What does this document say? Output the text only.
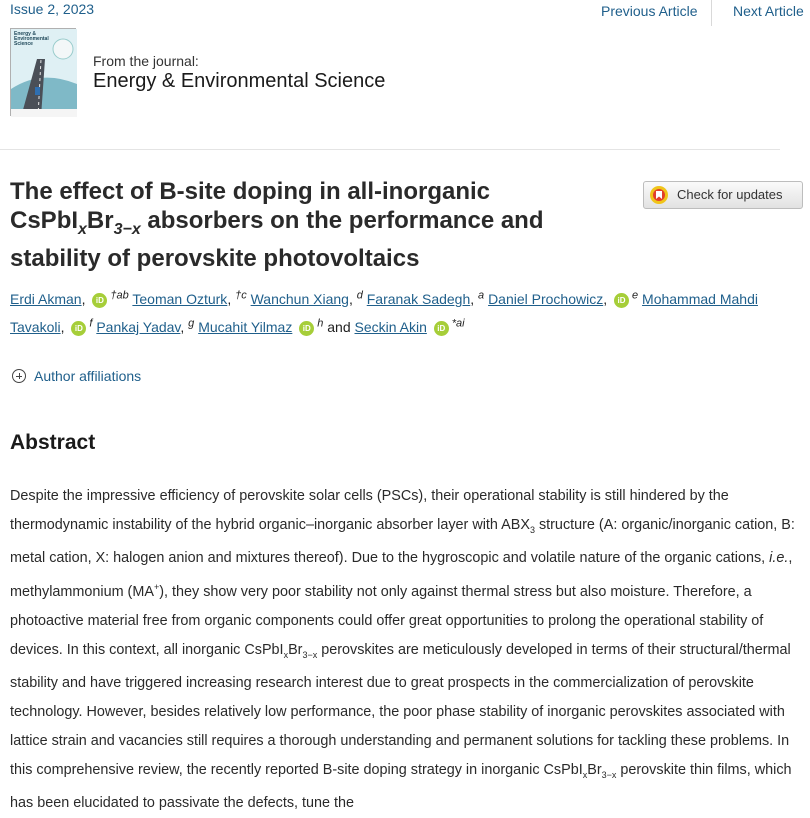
Issue 2, 2023	Previous Article	Next Article
Energy & Environmental Science
From the journal:
Energy & Environmental Science
The effect of B-site doping in all-inorganic $CsPbI_xBr_{3-x}$ absorbers on the performance and stability of perovskite photovoltaics
Check for updates
Erdi Akman, iD $^{\dagger ab}$ Teoman Ozturk, $^{\dagger c}$ Wanchun Xiang, $^d$ Faranak Sadegh, $^a$ Daniel Prochowicz, iD $^e$ Mohammad Mahdi Tavakoli, iD $^f$ Pankaj Yadav, $^g$ Mucahit Yilmaz iD $^h$ and Seckin Akin iD $^{*ai}$
Author affiliations
Abstract

Despite the impressive efficiency of perovskite solar cells (PSCs), their operational stability is still hindered by the thermodynamic instability of the hybrid organic–inorganic absorber layer with $ABX_3$ structure (A: organic/inorganic cation, B: metal cation, X: halogen anion and mixtures thereof). Due to the hygroscopic and volatile nature of the organic cations, i.e., methylammonium (MA+), they show very poor stability not only against thermal stress but also moisture. Therefore, a photoactive material free from organic components could offer great opportunities to prolong the operational stability of devices. In this context, all inorganic $CsPbI_xBr_{3-x}$ perovskites are meticulously developed in terms of their structural/thermal stability and have triggered increasing research interest due to great prospects in the commercialization of perovskite technology. However, besides relatively low performance, the poor phase stability of inorganic perovskites associated with lattice strain and vacancies still requires a thorough understanding and permanent solutions for tackling these problems. In this comprehensive review, the recently reported B-site doping strategy in inorganic $CsPbI_xBr_{3-x}$ perovskite thin films, which has been elucidated to passivate the defects, tune the
